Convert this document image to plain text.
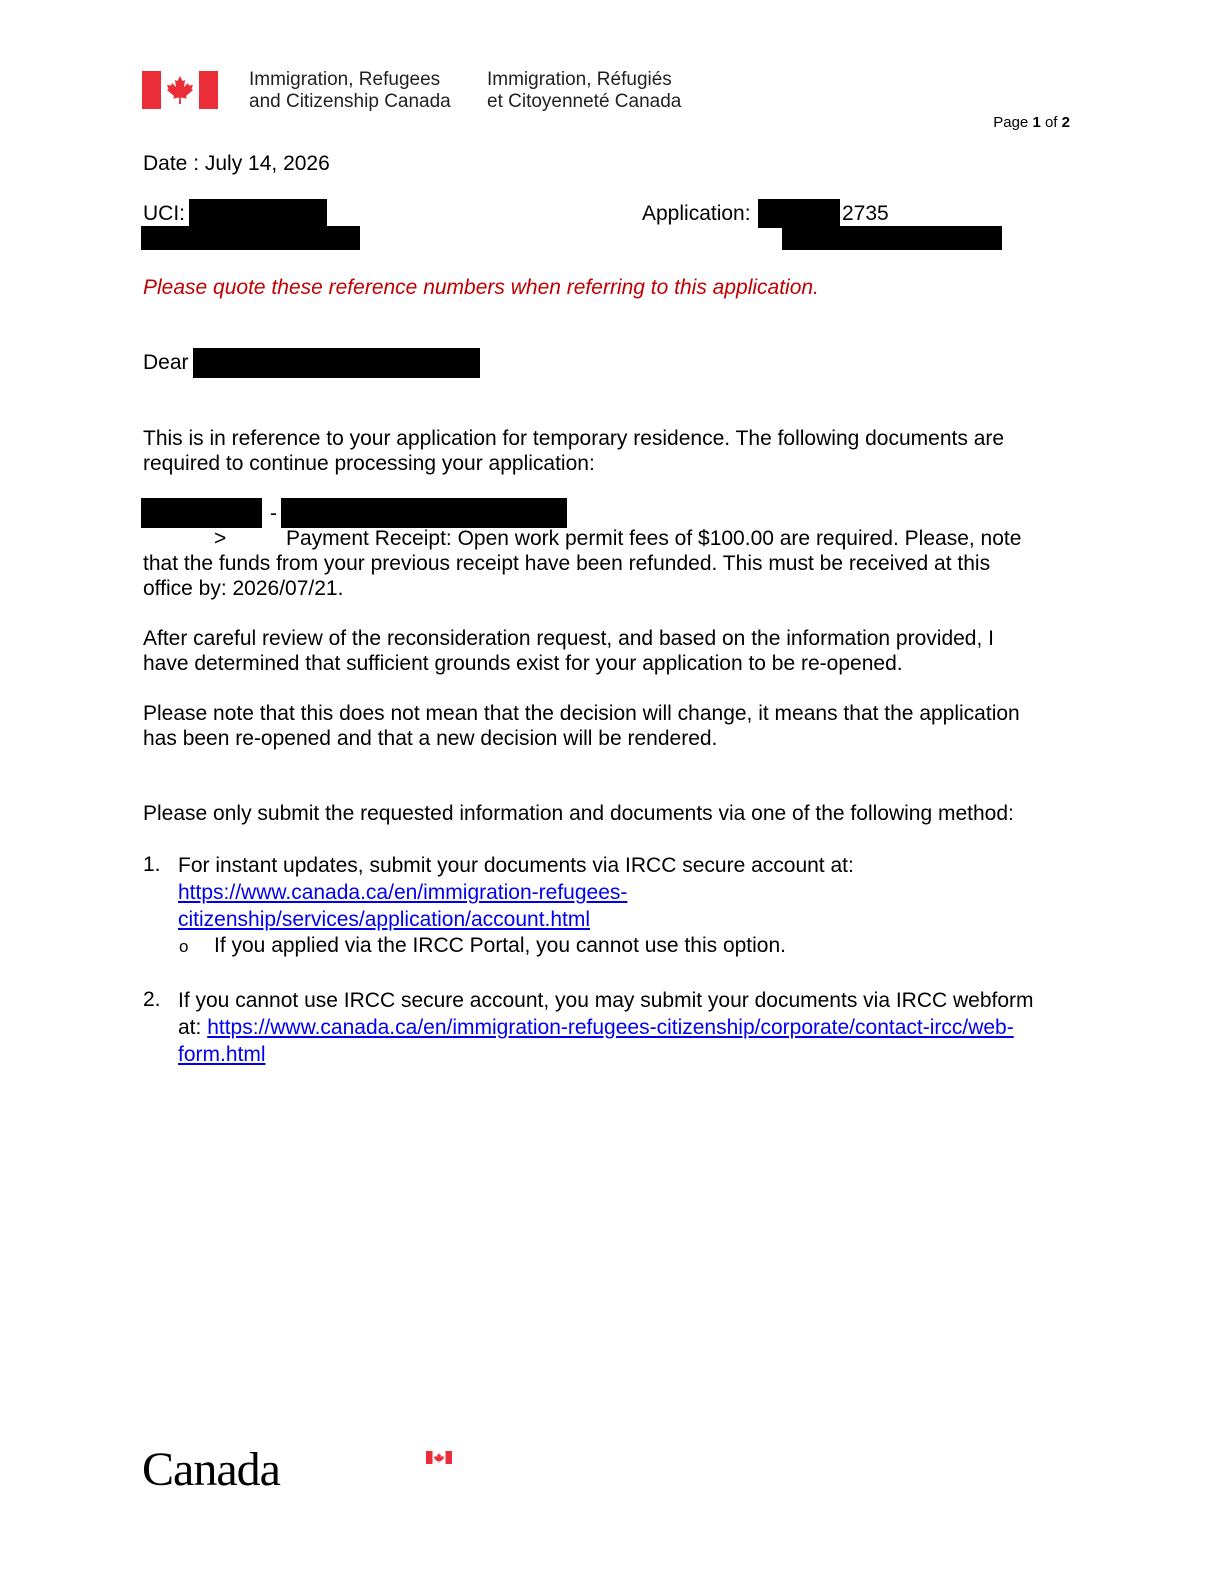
Immigration, Refugees
and Citizenship Canada
Immigration, Réfugiés
et Citoyenneté Canada
Page 1 of 2
Date : July 14, 2026
UCI:	Application:	2735
Please quote these reference numbers when referring to this application.
Dear
This is in reference to your application for temporary residence. The following documents are
required to continue processing your application:
-
>	Payment Receipt: Open work permit fees of $100.00 are required. Please, note
that the funds from your previous receipt have been refunded. This must be received at this
office by: 2026/07/21.
After careful review of the reconsideration request, and based on the information provided, I
have determined that sufficient grounds exist for your application to be re-opened.
Please note that this does not mean that the decision will change, it means that the application
has been re-opened and that a new decision will be rendered.
Please only submit the requested information and documents via one of the following method:
1. For instant updates, submit your documents via IRCC secure account at:
https://www.canada.ca/en/immigration-refugees-
citizenship/services/application/account.html
o If you applied via the IRCC Portal, you cannot use this option.
2. If you cannot use IRCC secure account, you may submit your documents via IRCC webform
at: https://www.canada.ca/en/immigration-refugees-citizenship/corporate/contact-ircc/web-
form.html
Canada
